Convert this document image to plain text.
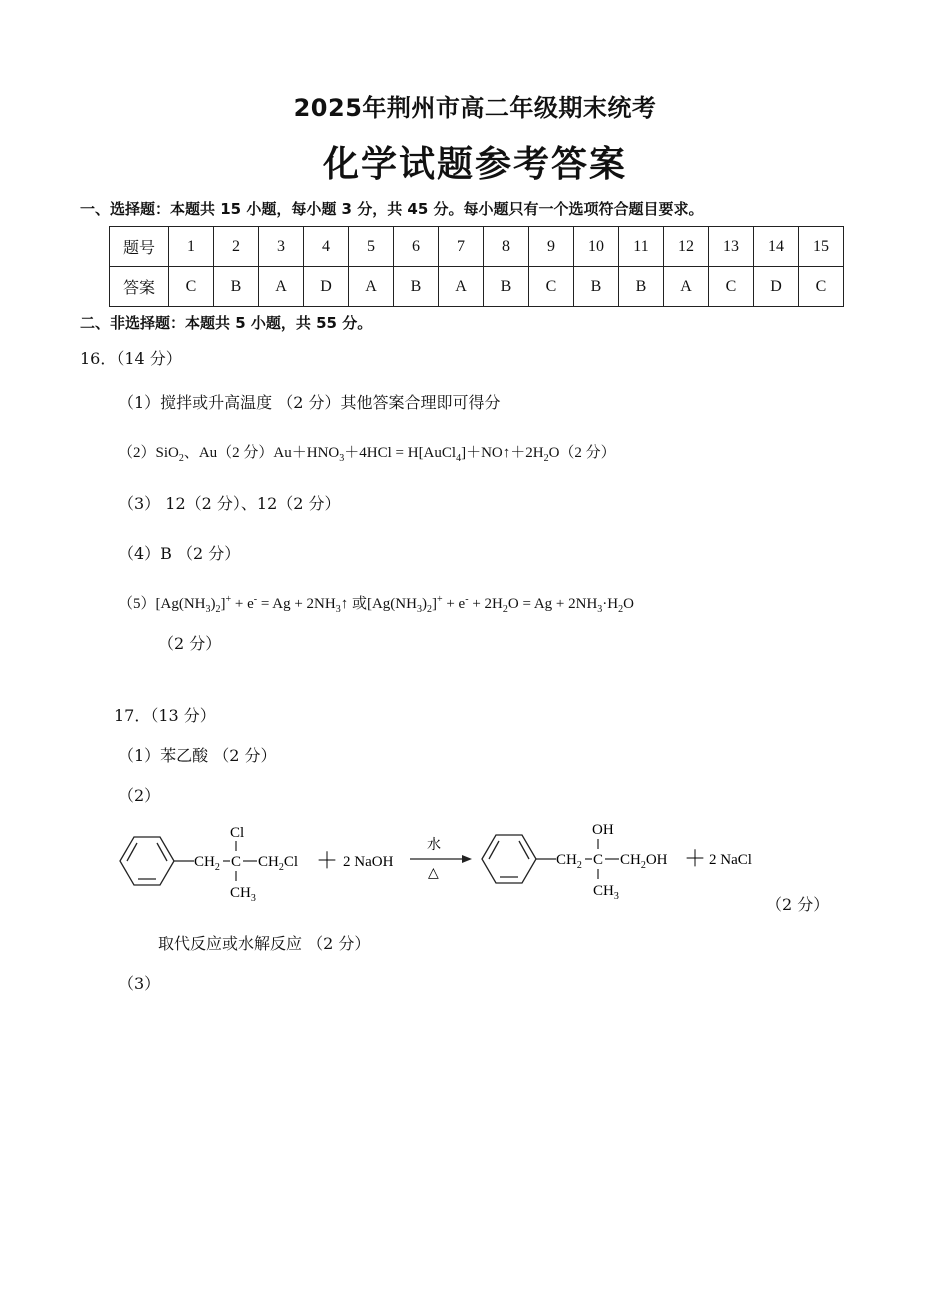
2025年荆州市高二年级期末统考
化学试题参考答案
一、选择题：本题共 15 小题，每小题 3 分，共 45 分。每小题只有一个选项符合题目要求。
题号	1	2	3	4	5	6	7	8	9	10	11	12	13	14	15
答案	C	B	A	D	A	B	A	B	C	B	B	A	C	D	C
二、非选择题：本题共 5 小题，共 55 分。
16．（14 分）
（1）搅拌或升高温度 （2 分）其他答案合理即可得分
（2）SiO$_2$、Au（2 分）$Au+HNO_3+4HCl$ = $H[AuCl_4]+NO↑+2H_2O(2$ 分）
（3） 12（2 分）、12（2 分）
（4）B （2 分）
$(5)[Ag(NH_3)_2]^+ + e^- = Ag$ + $2NH_3↑$ 或$[Ag(NH_3)_2]^+ + e^- + 2H_2O = Ag + 2NH_3\cdot H_2O$
（2 分）
17．（13 分）
（1）苯乙酸 （2 分）
（2）
$CH_2$ C
Cl
$CH_2Cl$
$CH_3$
＋ 2 NaOH
水
△
$CH_2$ C
OH
$CH_2OH$
$CH_3$
＋ 2 NaCl
（2 分）
取代反应或水解反应 （2 分）
（3）
